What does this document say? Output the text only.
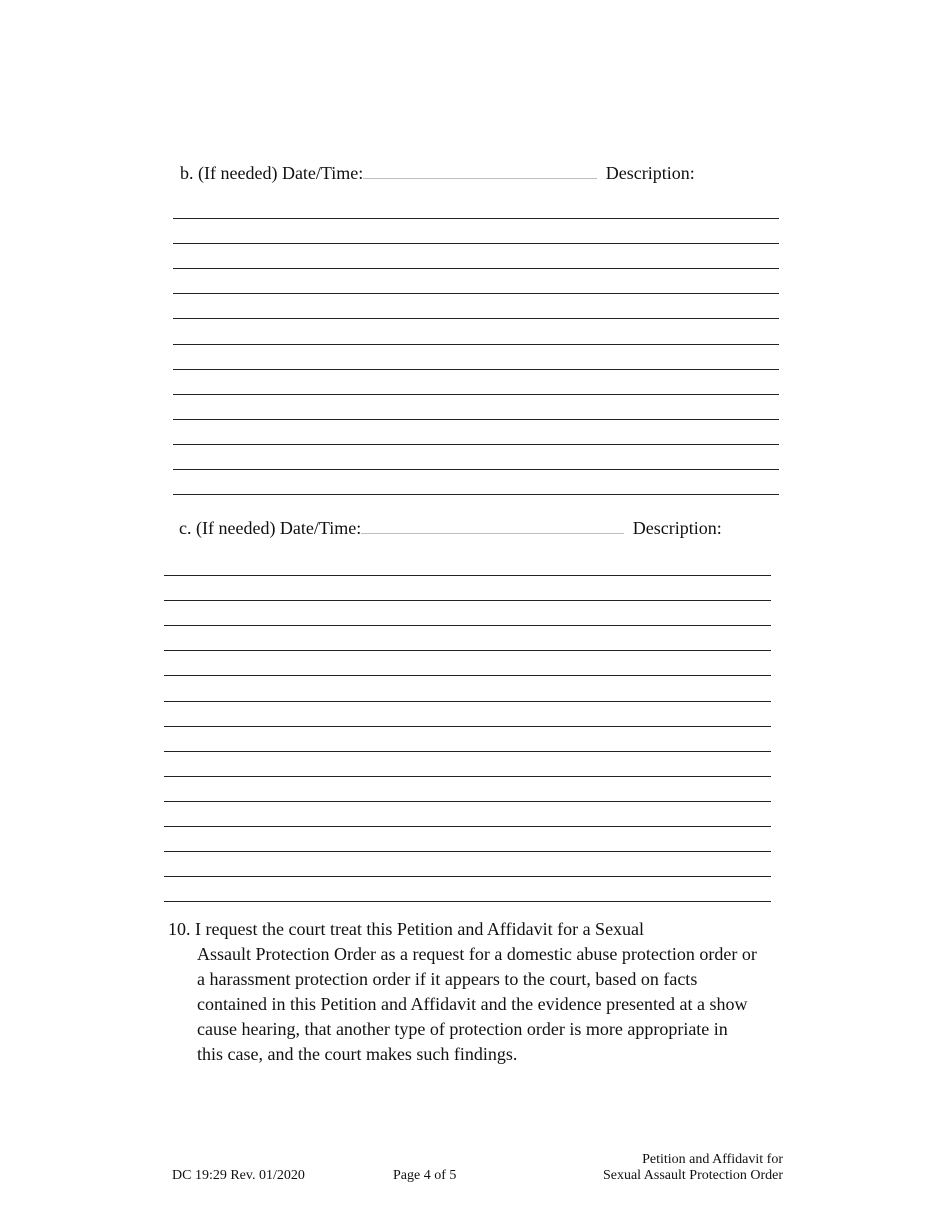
b. (If needed) Date/Time:	Description:
c. (If needed) Date/Time:	Description:
10. I request the court treat this Petition and Affidavit for a Sexual
Assault Protection Order as a request for a domestic abuse protection order or
a harassment protection order if it appears to the court, based on facts
contained in this Petition and Affidavit and the evidence presented at a show
cause hearing, that another type of protection order is more appropriate in
this case, and the court makes such findings.
DC 19:29 Rev. 01/2020	Page 4 of 5
Petition and Affidavit for
Sexual Assault Protection Order
